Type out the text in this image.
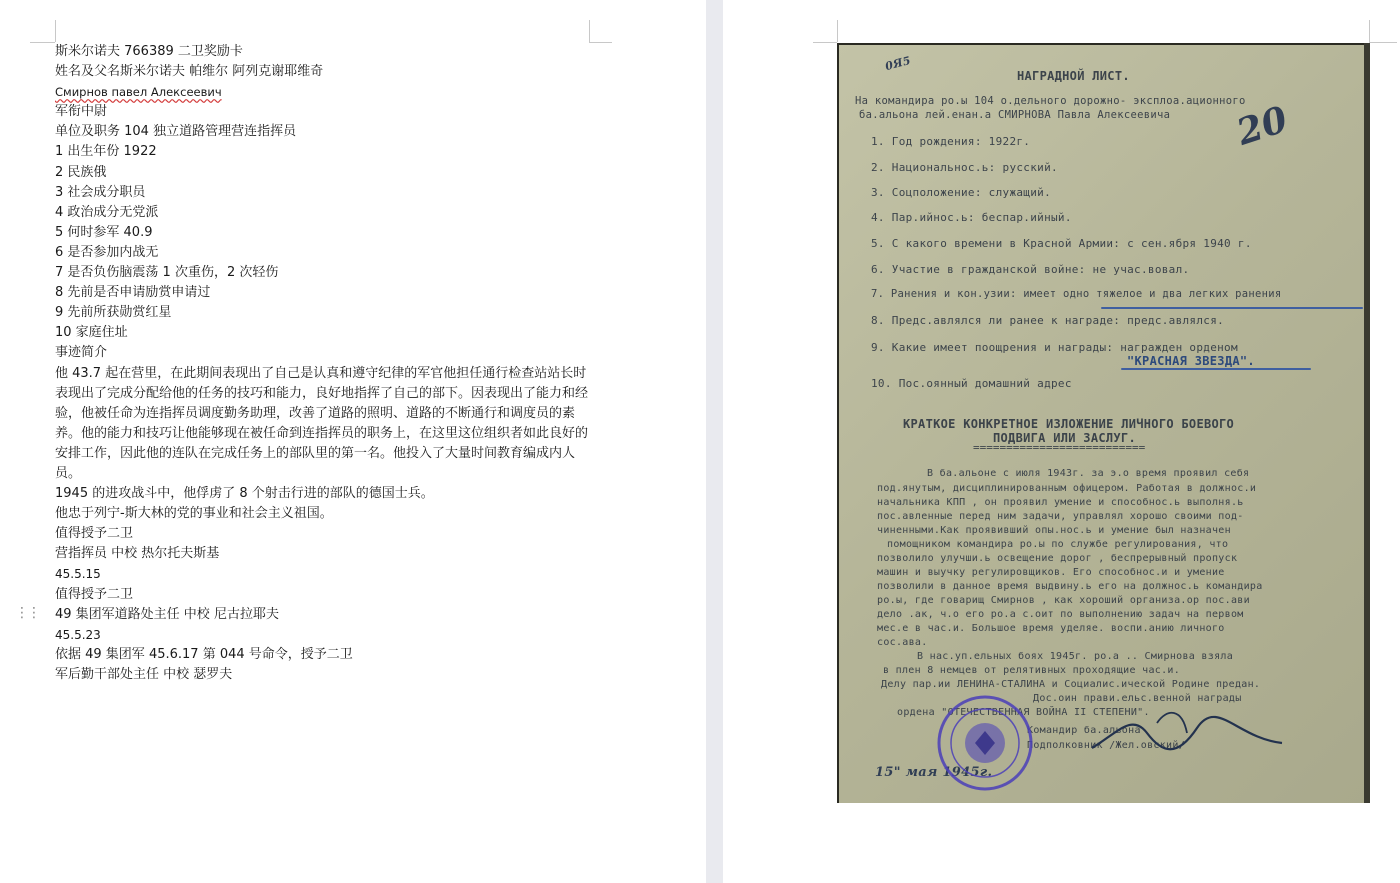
⋮⋮
斯米尔诺夫 766389 二卫奖励卡
姓名及父名斯米尔诺夫 帕维尔 阿列克谢耶维奇
Смирнов павел Алексеевич
军衔中尉
单位及职务 104 独立道路管理营连指挥员
1 出生年份 1922
2 民族俄
3 社会成分职员
4 政治成分无党派
5 何时参军 40.9
6 是否参加内战无
7 是否负伤脑震荡 1 次重伤，2 次轻伤
8 先前是否申请励赏申请过
9 先前所获勋赏红星
10 家庭住址
事迹简介
他 43.7 起在营里，在此期间表现出了自己是认真和遵守纪律的军官他担任通行检查站站长时表现出了完成分配给他的任务的技巧和能力，良好地指挥了自己的部下。因表现出了能力和经验，他被任命为连指挥员调度勤务助理，改善了道路的照明、道路的不断通行和调度员的素养。他的能力和技巧让他能够现在被任命到连指挥员的职务上，在这里这位组织者如此良好的安排工作，因此他的连队在完成任务上的部队里的第一名。他投入了大量时间教育编成内人员。
1945 的进攻战斗中，他俘虏了 8 个射击行进的部队的德国士兵。
他忠于列宁-斯大林的党的事业和社会主义祖国。
值得授予二卫
营指挥员 中校 热尔托夫斯基
45.5.15
值得授予二卫
49 集团军道路处主任 中校 尼古拉耶夫
45.5.23
依据 49 集团军 45.6.17 第 044 号命令，授予二卫
军后勤干部处主任 中校 瑟罗夫
0Я5
НАГРАДНОЙ ЛИСТ.
На командира ро.ы 104 о.дельного дорожно- эксплоа.ационного
ба.альона лей.енан.а СМИРНОВА Павла Алексеевича 20
1. Год рождения: 1922г.
2. Национальнос.ь: русский.
3. Соцположение: служащий.
4. Пар.ийнос.ь: беспар.ийный.
5. С какого времени в Красной Армии: с сен.ября 1940 г.
6. Участие в гражданской войне: не учас.вовал.
7. Ранения и кон.узии: имеет одно тяжелое и два легких ранения
8. Предс.авлялся ли ранее к награде: предс.авлялся.
9. Какие имеет поощрения и награды: награжден орденом
"КРАСНАЯ ЗВЕЗДА".
10. Пос.оянный домашний адрес
КРАТКОЕ КОНКРЕТНОЕ ИЗЛОЖЕНИЕ ЛИЧНОГО БОЕВОГО
ПОДВИГА ИЛИ ЗАСЛУГ.
==========================
В ба.альоне с июля 1943г. за э.о время проявил себя
под.янутым, дисциплинированным офицером. Работая в должнос.и
начальника КПП , он проявил умение и способнос.ь выполня.ь
пос.авленные перед ним задачи, управлял хорошо своими под-
чиненными.Как проявивший опы.нос.ь и умение был назначен
помощником командира ро.ы по службе регулирования, что
позволило улучши.ь освещение дорог , беспрерывный пропуск
машин и выучку регулировщиков. Его способнос.и и умение
позволили в данное время выдвину.ь его на должнос.ь командира
ро.ы, где говарищ Смирнов , как хороший организа.ор пос.ави
дело .ак, ч.о его ро.а с.оит по выполнению задач на первом
мес.е в час.и. Большое время уделяе. воспи.анию личного
сос.ава.
В нас.уп.ельных боях 1945г. ро.а .. Смирнова взяла
в плен 8 немцев от релятивных проходящие час.и.
Делу пар.ии ЛЕНИНА-СТАЛИНА и Социалис.ической Родине предан.
Дос.оин прави.ельс.венной награды
ордена "ОТЕЧЕСТВЕННАЯ ВОЙНА II СТЕПЕНИ".
Командир ба.альона
Подполковник /Жел.овский/
15" мая 1945г.
